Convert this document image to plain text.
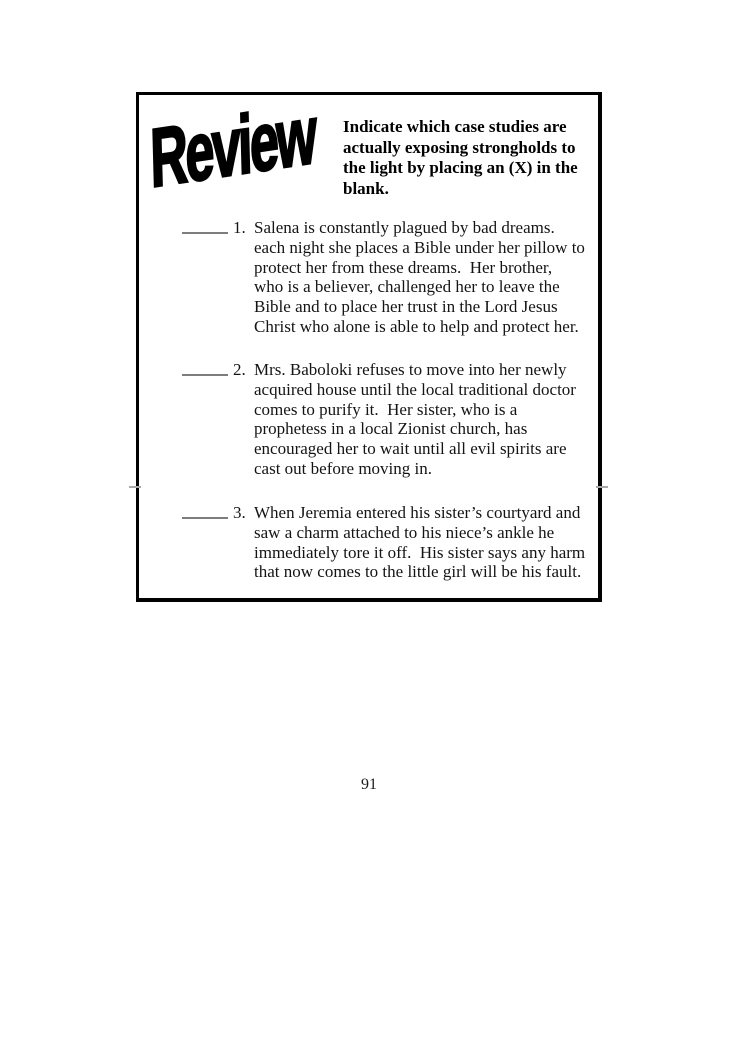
Review	Indicate which case studies are
actually exposing strongholds to
the light by placing an (X) in the
blank.
1. Salena is constantly plagued by bad dreams.
each night she places a Bible under her pillow to
protect her from these dreams.  Her brother,
who is a believer, challenged her to leave the
Bible and to place her trust in the Lord Jesus
Christ who alone is able to help and protect her.
2. Mrs. Baboloki refuses to move into her newly
acquired house until the local traditional doctor
comes to purify it.  Her sister, who is a
prophetess in a local Zionist church, has
encouraged her to wait until all evil spirits are
cast out before moving in.
3. When Jeremia entered his sister’s courtyard and
saw a charm attached to his niece’s ankle he
immediately tore it off.  His sister says any harm
that now comes to the little girl will be his fault.
91
